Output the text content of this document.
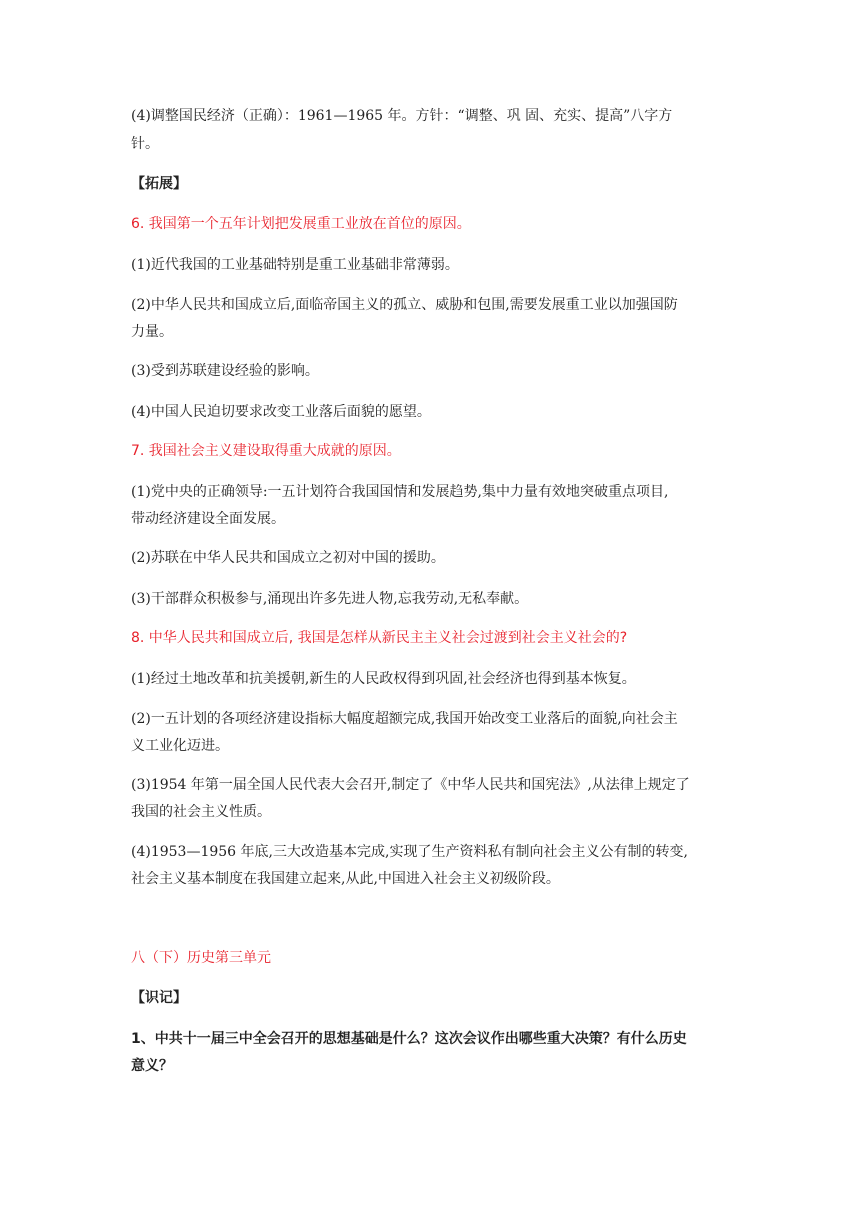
(4)调整国民经济（正确）：1961—1965 年。方针：“调整、巩 固、充实、提高”八字方
针。
【拓展】
6. 我国第一个五年计划把发展重工业放在首位的原因。
(1)近代我国的工业基础特别是重工业基础非常薄弱。
(2)中华人民共和国成立后,面临帝国主义的孤立、威胁和包围,需要发展重工业以加强国防
力量。
(3)受到苏联建设经验的影响。
(4)中国人民迫切要求改变工业落后面貌的愿望。
7. 我国社会主义建设取得重大成就的原因。
(1)党中央的正确领导:一五计划符合我国国情和发展趋势,集中力量有效地突破重点项目,
带动经济建设全面发展。
(2)苏联在中华人民共和国成立之初对中国的援助。
(3)干部群众积极参与,涌现出许多先进人物,忘我劳动,无私奉献。
8. 中华人民共和国成立后, 我国是怎样从新民主主义社会过渡到社会主义社会的?
(1)经过土地改革和抗美援朝,新生的人民政权得到巩固,社会经济也得到基本恢复。
(2)一五计划的各项经济建设指标大幅度超额完成,我国开始改变工业落后的面貌,向社会主
义工业化迈进。
(3)1954 年第一届全国人民代表大会召开,制定了《中华人民共和国宪法》,从法律上规定了
我国的社会主义性质。
(4)1953—1956 年底,三大改造基本完成,实现了生产资料私有制向社会主义公有制的转变,
社会主义基本制度在我国建立起来,从此,中国进入社会主义初级阶段。
八（下）历史第三单元
【识记】
1、中共十一届三中全会召开的思想基础是什么？这次会议作出哪些重大决策？有什么历史
意义？
